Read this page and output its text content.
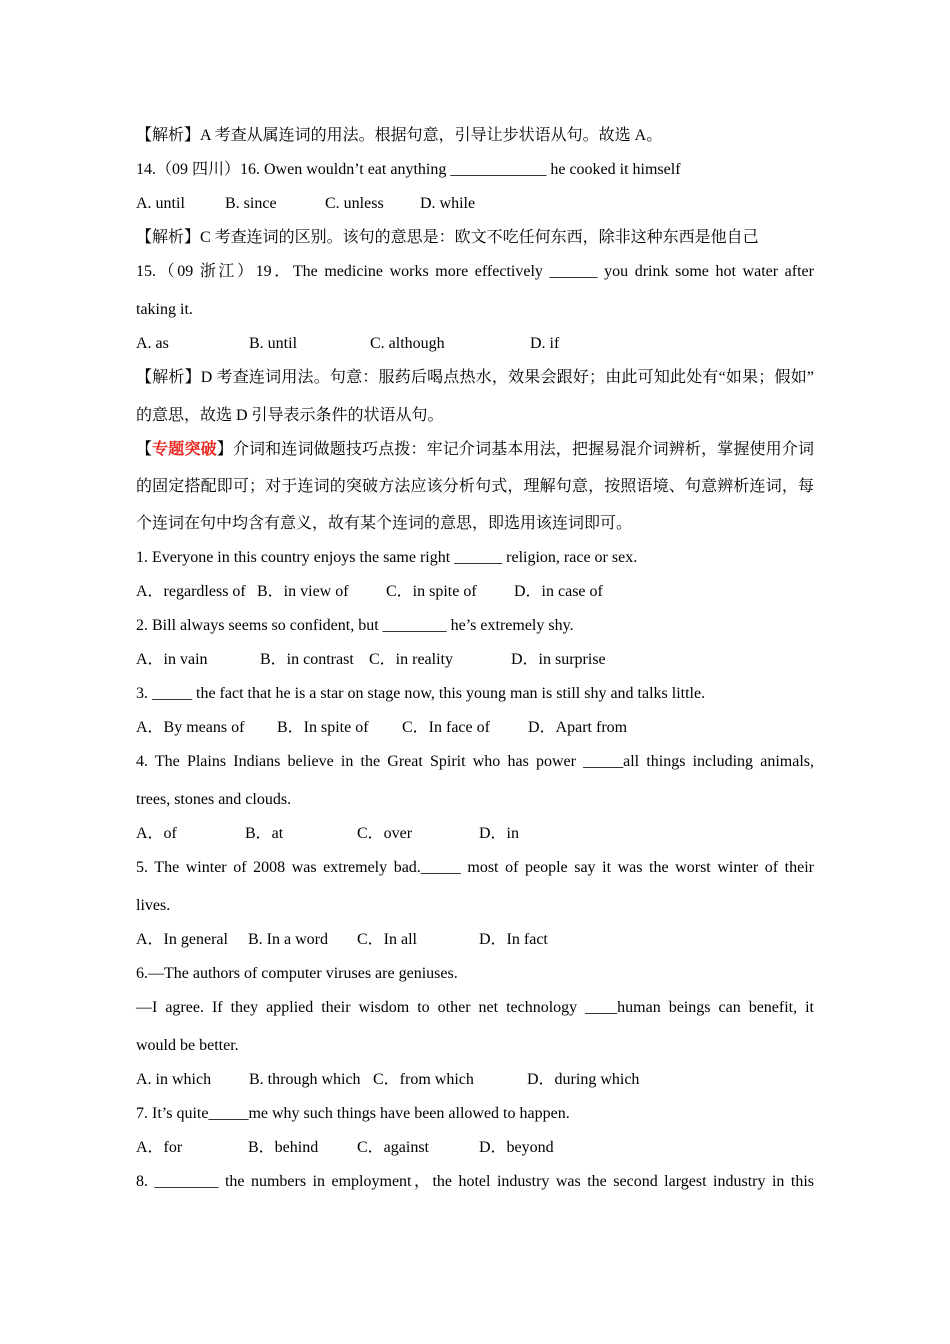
【解析】A 考查从属连词的用法。根据句意，引导让步状语从句。故选 A。
14.（09 四川）16. Owen wouldn’t eat anything ____________ he cooked it himself
A. until	B. since	C. unless D. while
【解析】C 考查连词的区别。该句的意思是：欧文不吃任何东西，除非这种东西是他自己
15.（09 浙江）19．The medicine works more effectively ______ you drink some hot water after
taking it.
A. as	B. until	C. although	D. if
【解析】D 考查连词用法。句意：服药后喝点热水，效果会跟好；由此可知此处有“如果；假如”
的意思，故选 D 引导表示条件的状语从句。
【专题突破】介词和连词做题技巧点拨：牢记介词基本用法，把握易混介词辨析，掌握使用介词
的固定搭配即可；对于连词的突破方法应该分析句式，理解句意，按照语境、句意辨析连词，每
个连词在句中均含有意义，故有某个连词的意思，即选用该连词即可。
1. Everyone in this country enjoys the same right ______ religion, race or sex.
A．regardless of B．in view of C．in spite of D．in case of
2. Bill always seems so confident, but ________ he’s extremely shy.
A．in vain	B．in contrast C．in reality	D．in surprise
3. _____ the fact that he is a star on stage now, this young man is still shy and talks little.
A．By means of B．In spite of C．In face of D．Apart from
4. The Plains Indians believe in the Great Spirit who has power _____all things including animals,
trees, stones and clouds.
A．of	B．at	C．over	D．in
5. The winter of 2008 was extremely bad._____ most of people say it was the worst winter of their
lives.
A．In general B. In a word C．In all	D．In fact
6.—The authors of computer viruses are geniuses.
—I agree. If they applied their wisdom to other net technology ____human beings can benefit, it
would be better.
A. in which B. through which C．from which	D．during which
7. It’s quite_____me why such things have been allowed to happen.
A．for	B．behind C．against	D．beyond
8. ________ the numbers in employment，the hotel industry was the second largest industry in this
